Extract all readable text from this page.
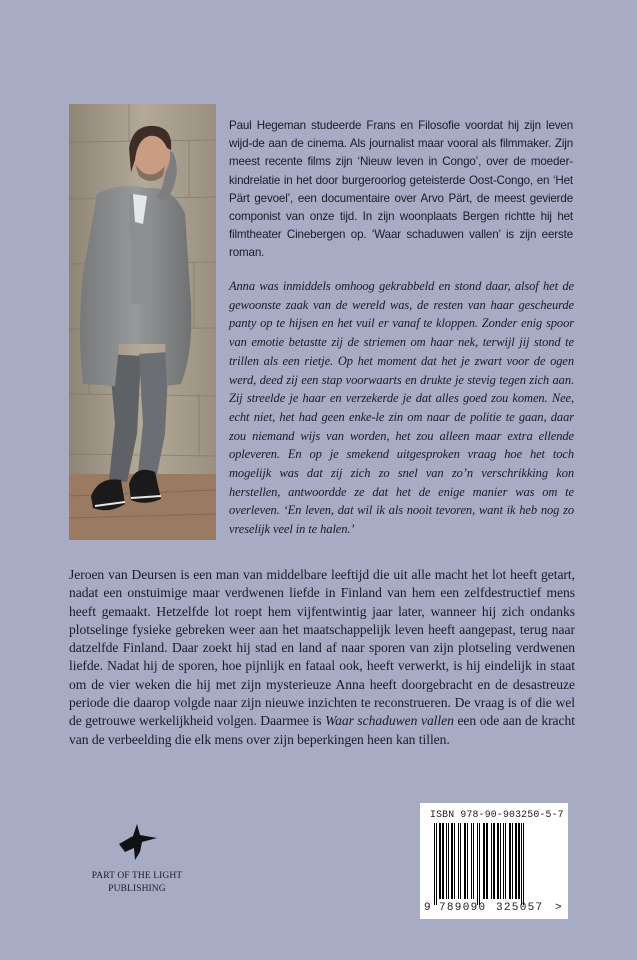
Paul Hegeman studeerde Frans en Filosofie voordat hij zijn leven wijd-de aan de cinema. Als journalist maar vooral als filmmaker. Zijn meest recente films zijn ‘Nieuw leven in Congo’, over de moeder-kindrelatie in het door burgeroorlog geteisterde Oost-Congo, en ‘Het Pärt gevoel’, een documentaire over Arvo Pärt, de meest gevierde componist van onze tijd. In zijn woonplaats Bergen richtte hij het filmtheater Cinebergen op. ‘Waar schaduwen vallen’ is zijn eerste roman.

Anna was inmiddels omhoog gekrabbeld en stond daar, alsof het de gewoonste zaak van de wereld was, de resten van haar gescheurde panty op te hijsen en het vuil er vanaf te kloppen. Zonder enig spoor van emotie betastte zij de striemen om haar nek, terwijl jij stond te trillen als een rietje. Op het moment dat het je zwart voor de ogen werd, deed zij een stap voorwaarts en drukte je stevig tegen zich aan. Zij streelde je haar en verzekerde je dat alles goed zou komen. Nee, echt niet, het had geen enke-le zin om naar de politie te gaan, daar zou niemand wijs van worden, het zou alleen maar extra ellende opleveren. En op je smekend uitgesproken vraag hoe het toch mogelijk was dat zij zich zo snel van zo’n verschrikking kon herstellen, antwoordde ze dat het de enige manier was om te overleven. ‘En leven, dat wil ik als nooit tevoren, want ik heb nog zo vreselijk veel in te halen.’

Jeroen van Deursen is een man van middelbare leeftijd die uit alle macht het lot heeft getart, nadat een onstuimige maar verdwenen liefde in Finland van hem een zelfdestructief mens heeft gemaakt. Hetzelfde lot roept hem vijfentwintig jaar later, wanneer hij zich ondanks plotselinge fysieke gebreken weer aan het maatschappelijk leven heeft aangepast, terug naar datzelfde Finland. Daar zoekt hij stad en land af naar sporen van zijn plotseling verdwenen liefde. Nadat hij de sporen, hoe pijnlijk en fataal ook, heeft verwerkt, is hij eindelijk in staat om de vier weken die hij met zijn mysterieuze Anna heeft doorgebracht en de desastreuze periode die daarop volgde naar zijn nieuwe inzichten te reconstrueren. De vraag is of die wel de getrouwe werkelijkheid volgen. Daarmee is Waar schaduwen vallen een ode aan de kracht van de verbeelding die elk mens over zijn beperkingen heen kan tillen.

PART OF THE LIGHT
PUBLISHING
ISBN 978-90-903250-5-7
9 789090 325057 >
